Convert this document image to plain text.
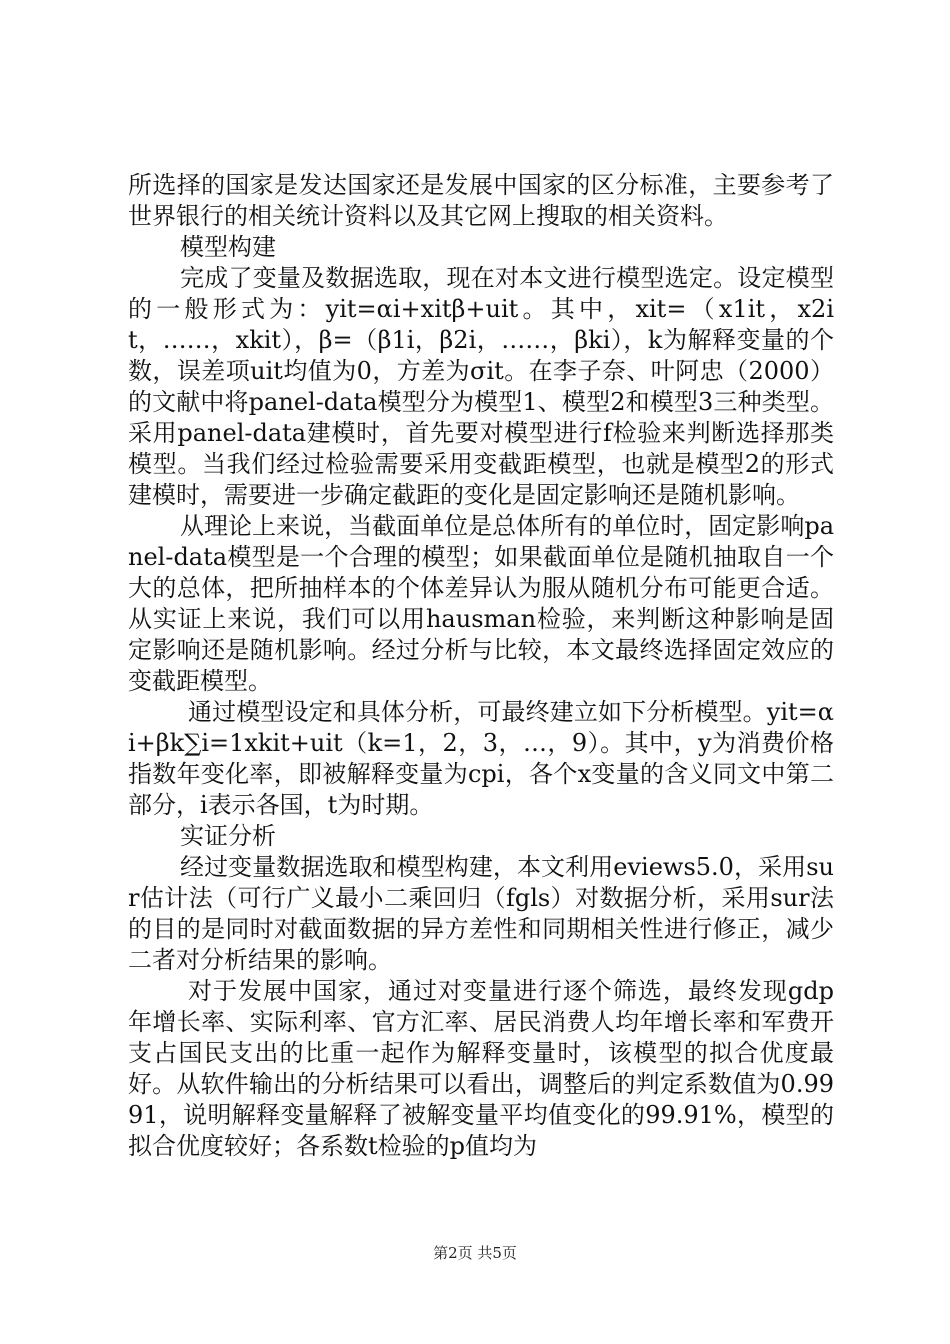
所选择的国家是发达国家还是发展中国家的区分标准，主要参考了世界银行的相关统计资料以及其它网上搜取的相关资料。

模型构建

完成了变量及数据选取，现在对本文进行模型选定。设定模型的一般形式为：yit=αi+xitβ+uit。其中，xit=（x1it，x2it，……，xkit），β=（β1i，β2i，……，βki），k为解释变量的个数，误差项uit均值为0，方差为σit。在李子奈、叶阿忠（2000）的文献中将panel-data模型分为模型1、模型2和模型3三种类型。采用panel-data建模时，首先要对模型进行f检验来判断选择那类模型。当我们经过检验需要采用变截距模型，也就是模型2的形式建模时，需要进一步确定截距的变化是固定影响还是随机影响。

从理论上来说，当截面单位是总体所有的单位时，固定影响panel-data模型是一个合理的模型；如果截面单位是随机抽取自一个大的总体，把所抽样本的个体差异认为服从随机分布可能更合适。从实证上来说，我们可以用hausman检验，来判断这种影响是固定影响还是随机影响。经过分析与比较，本文最终选择固定效应的变截距模型。

通过模型设定和具体分析，可最终建立如下分析模型。yit=αi+βk∑i=1xkit+uit（k=1，2，3，…，9）。其中，y为消费价格指数年变化率，即被解释变量为cpi，各个x变量的含义同文中第二部分，i表示各国，t为时期。

实证分析

经过变量数据选取和模型构建，本文利用eviews5.0，采用sur估计法（可行广义最小二乘回归（fgls）对数据分析，采用sur法的目的是同时对截面数据的异方差性和同期相关性进行修正，减少二者对分析结果的影响。

对于发展中国家，通过对变量进行逐个筛选，最终发现gdp年增长率、实际利率、官方汇率、居民消费人均年增长率和军费开支占国民支出的比重一起作为解释变量时，该模型的拟合优度最好。从软件输出的分析结果可以看出，调整后的判定系数值为0.9991，说明解释变量解释了被解变量平均值变化的99.91%，模型的拟合优度较好；各系数t检验的p值均为

第2页 共5页
